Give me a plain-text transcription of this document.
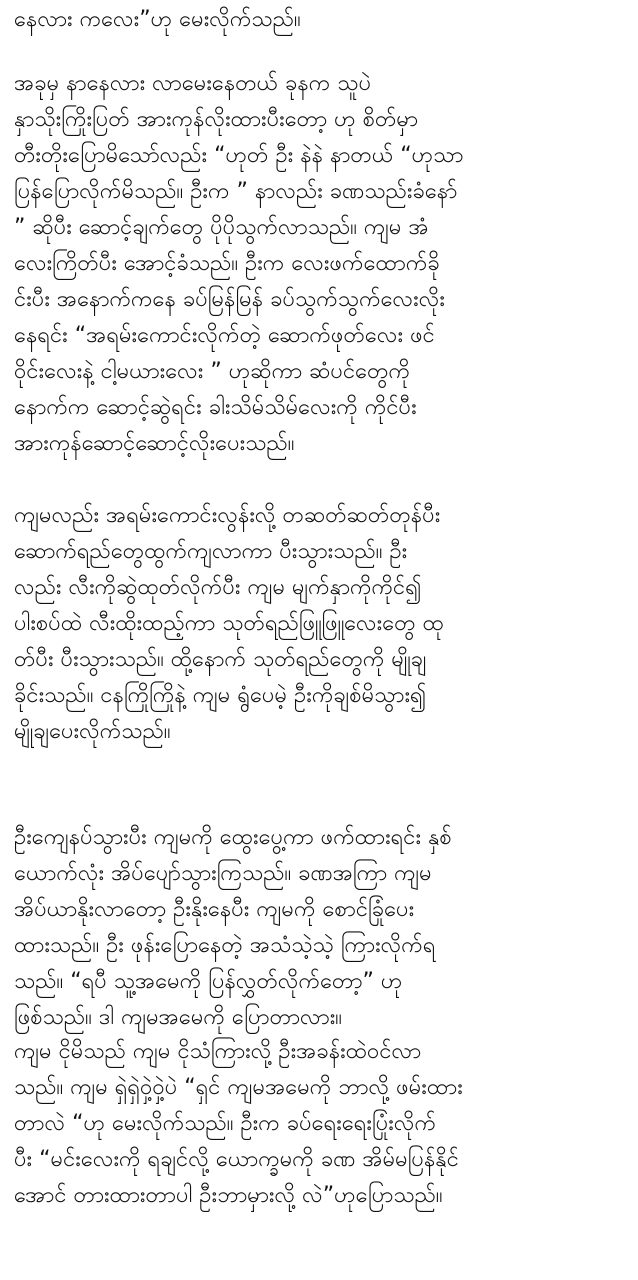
နေလား ကလေး”ဟု မေးလိုက်သည်။
အခုမှ နာနေလား လာမေးနေတယ် ခုနက သူပဲ
နှာသိုးကြိုးပြတ် အားကုန်လိုးထားပီးတော့ ဟု စိတ်မှာ
တီးတိုးပြောမိသော်လည်း “ဟုတ် ဦး နဲနဲ နာတယ် “ဟုသာ
ပြန်ပြောလိုက်မိသည်။ ဦးက ” နာလည်း ခဏသည်းခံနော်
” ဆိုပီး ဆောင့်ချက်တွေ ပိုပိုသွက်လာသည်။ ကျမ အံ
လေးကြိတ်ပီး အောင့်ခံသည်။ ဦးက လေးဖက်ထောက်ခို
င်းပီး အနောက်ကနေ ခပ်မြန်မြန် ခပ်သွက်သွက်လေးလိုး
နေရင်း “အရမ်းကောင်းလိုက်တဲ့ ဆောက်ဖုတ်လေး ဖင်
ဝိုင်းလေးနဲ့ ငါ့မယားလေး ” ဟုဆိုကာ ဆံပင်တွေကို
နောက်က ဆောင့်ဆွဲရင်း ခါးသိမ်သိမ်လေးကို ကိုင်ပီး
အားကုန်ဆောင့်ဆောင့်လိုးပေးသည်။
ကျမလည်း အရမ်းကောင်းလွန်းလို့ တဆတ်ဆတ်တုန်ပီး
ဆောက်ရည်တွေထွက်ကျလာကာ ပီးသွားသည်။ ဦး
လည်း လီးကိုဆွဲထုတ်လိုက်ပီး ကျမ မျက်နှာကိုကိုင်၍
ပါးစပ်ထဲ လီးထိုးထည့်ကာ သုတ်ရည်ဖြူဖြူလေးတွေ ထု
တ်ပီး ပီးသွားသည်။ ထို့နောက် သုတ်ရည်တွေကို မျိုချ
ခိုင်းသည်။ ငနကြိုကြိုနဲ့ ကျမ ရွံပေမဲ့ ဦးကိုချစ်မိသွား၍
မျိုချပေးလိုက်သည်။
ဦးကျေနပ်သွားပီး ကျမကို ထွေးပွေ့ကာ ဖက်ထားရင်း နှစ်
ယောက်လုံး အိပ်ပျော်သွားကြသည်။ ခဏအကြာ ကျမ
အိပ်ယာနိုးလာတော့ ဦးနိုးနေပီး ကျမကို စောင်ခြုံပေး
ထားသည်။ ဦး ဖုန်းပြောနေတဲ့ အသံသဲ့သဲ့ ကြားလိုက်ရ
သည်။ “ရပီ သူ့အမေကို ပြန်လွှတ်လိုက်တော့” ဟု
ဖြစ်သည်။ ဒါ ကျမအမေကို ပြောတာလား။
ကျမ ငိုမိသည် ကျမ ငိုသံကြားလို့ ဦးအခန်းထဲဝင်လာ
သည်။ ကျမ ရှဲရှဲဝှဲ့ဝှဲ့ပဲ “ရှင် ကျမအမေကို ဘာလို့ ဖမ်းထား
တာလဲ “ဟု မေးလိုက်သည်။ ဦးက ခပ်ရေးရေးပြုံးလိုက်
ပီး “မင်းလေးကို ရချင်လို့ ယောက္ခမကို ခဏ အိမ်မပြန်နိုင်
အောင် တားထားတာပါ ဦးဘာမှားလို့ လဲ”ဟုပြောသည်။
